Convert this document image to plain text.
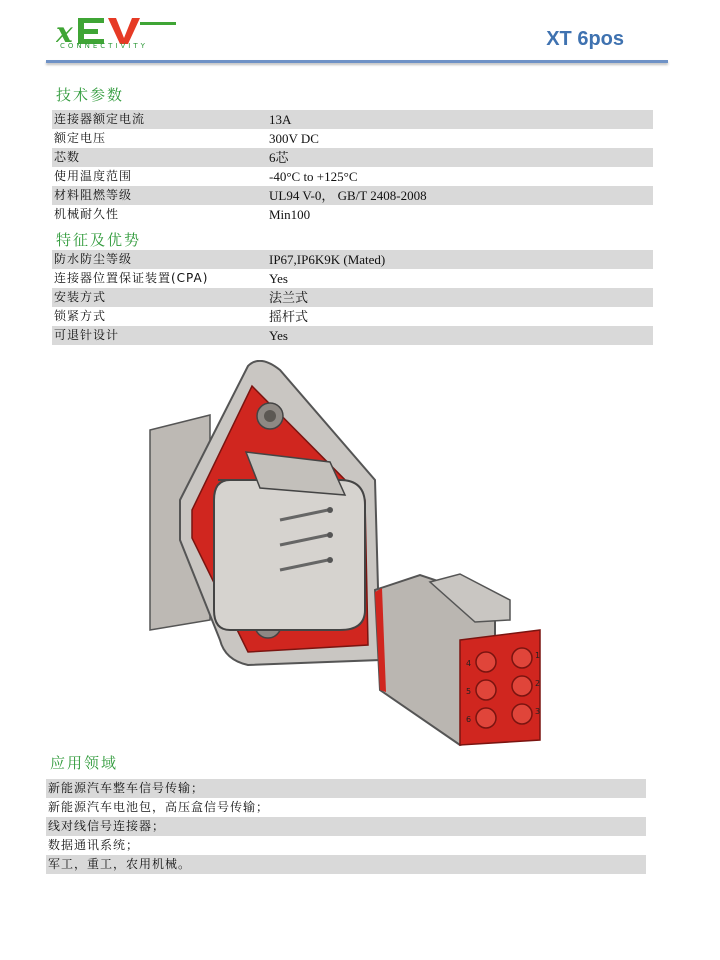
x
CONNECTIVITY	XT 6pos
技术参数
连接器额定电流	13A
额定电压	300V DC
芯数	6芯
使用温度范围	-40°C to +125°C
材料阻燃等级	UL94 V-0， GB/T 2408-2008
机械耐久性	Min100
特征及优势
防水防尘等级	IP67,IP6K9K (Mated)
连接器位置保证装置(CPA)	Yes
安装方式	法兰式
锁紧方式	摇杆式
可退针设计	Yes
4
5
6
1
2
3
应用领域
新能源汽车整车信号传输；
新能源汽车电池包，高压盒信号传输；
线对线信号连接器；
数据通讯系统；
军工，重工，农用机械。
